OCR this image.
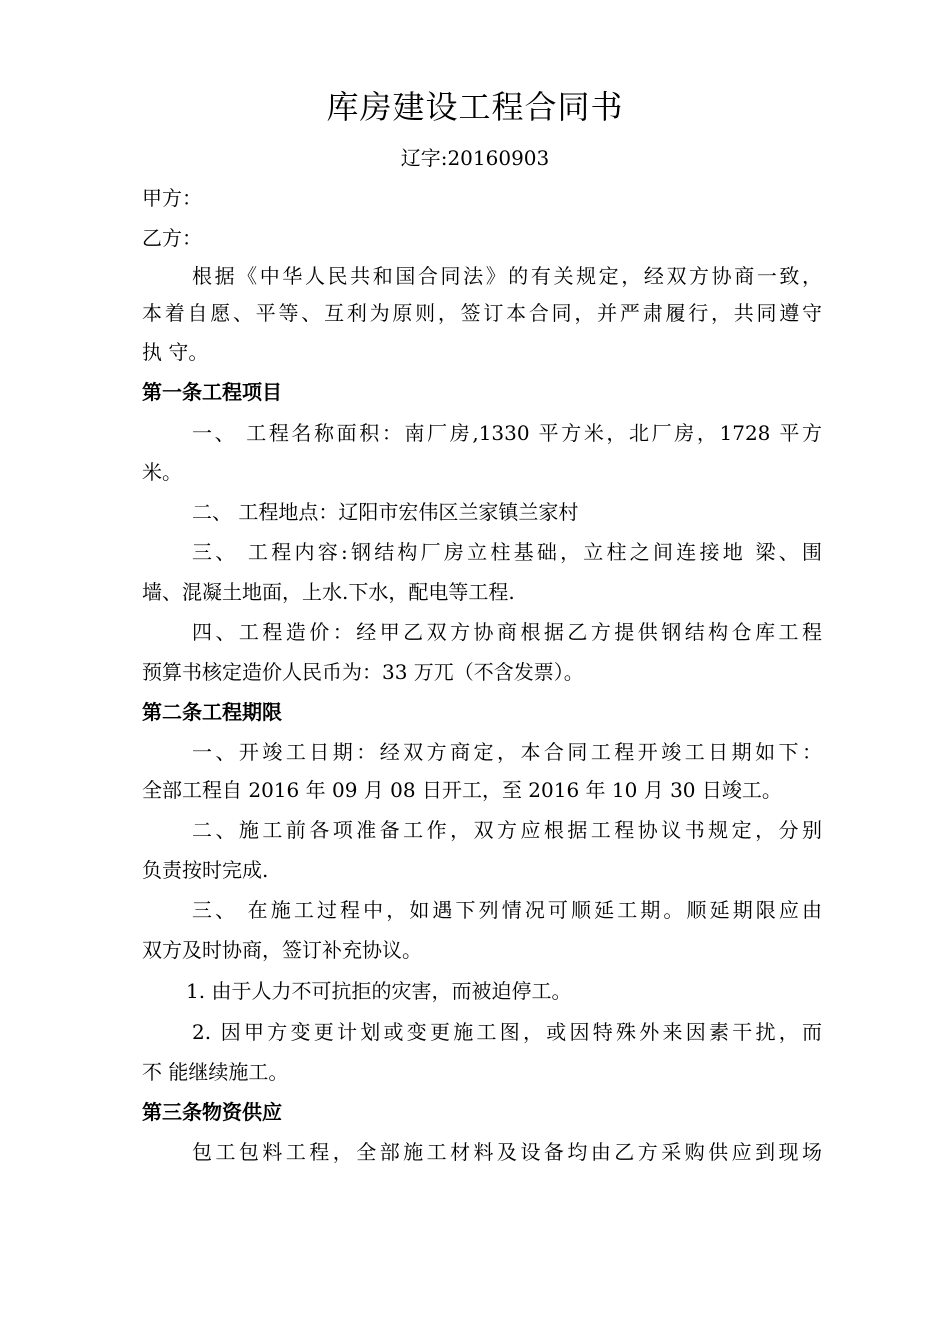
库房建设工程合同书
辽字:20160903
甲方：
乙方：
根据《中华人民共和国合同法》的有关规定，经双方协商一致，
本着自愿、平等、互利为原则，签订本合同，并严肃履行，共同遵守
执 守。
第一条工程项目
一、 工程名称面积：南厂房,1330 平方米，北厂房，1728 平方
米。
二、 工程地点：辽阳市宏伟区兰家镇兰家村
三、 工程内容:钢结构厂房立柱基础，立柱之间连接地 梁、围
墙、混凝土地面，上水.下水，配电等工程.
四、工程造价：经甲乙双方协商根据乙方提供钢结构仓库工程
预算书核定造价人民币为：33 万兀（不含发票）。
第二条工程期限
一、开竣工日期：经双方商定，本合同工程开竣工日期如下：
全部工程自 2016 年 09 月 08 日开工，至 2016 年 10 月 30 日竣工。
二、施工前各项准备工作，双方应根据工程协议书规定，分别
负责按时完成.
三、 在施工过程中，如遇下列情况可顺延工期。顺延期限应由
双方及时协商，签订补充协议。
1. 由于人力不可抗拒的灾害，而被迫停工。
2. 因甲方变更计划或变更施工图，或因特殊外来因素干扰，而
不 能继续施工。
第三条物资供应
包工包料工程，全部施工材料及设备均由乙方采购供应到现场
